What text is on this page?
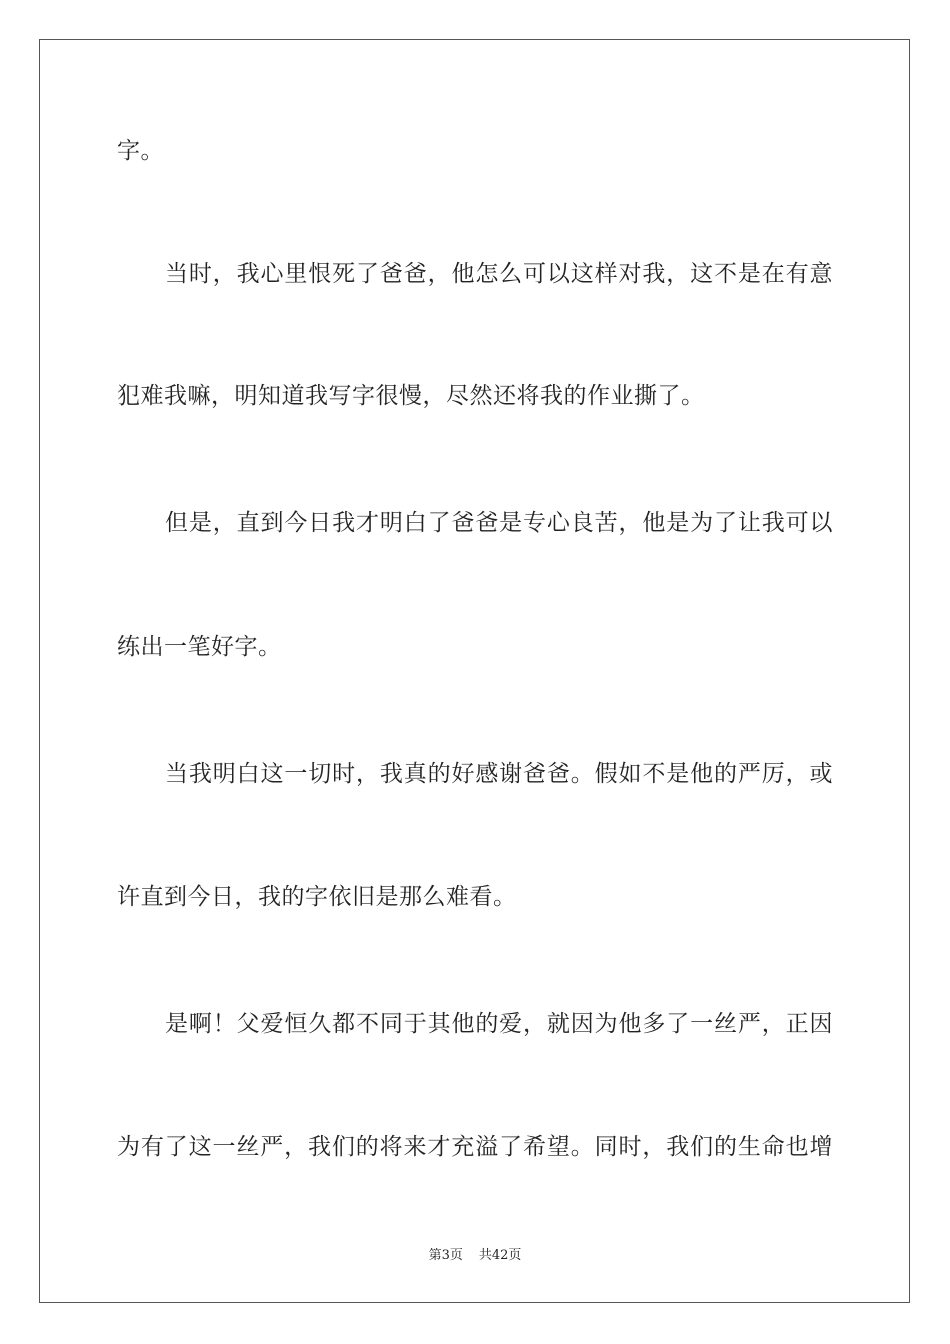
字。

当时，我心里恨死了爸爸，他怎么可以这样对我，这不是在有意

犯难我嘛，明知道我写字很慢，尽然还将我的作业撕了。

但是，直到今日我才明白了爸爸是专心良苦，他是为了让我可以

练出一笔好字。

当我明白这一切时，我真的好感谢爸爸。假如不是他的严厉，或

许直到今日，我的字依旧是那么难看。

是啊！父爱恒久都不同于其他的爱，就因为他多了一丝严，正因

为有了这一丝严，我们的将来才充溢了希望。同时，我们的生命也增

第3页 共42页
